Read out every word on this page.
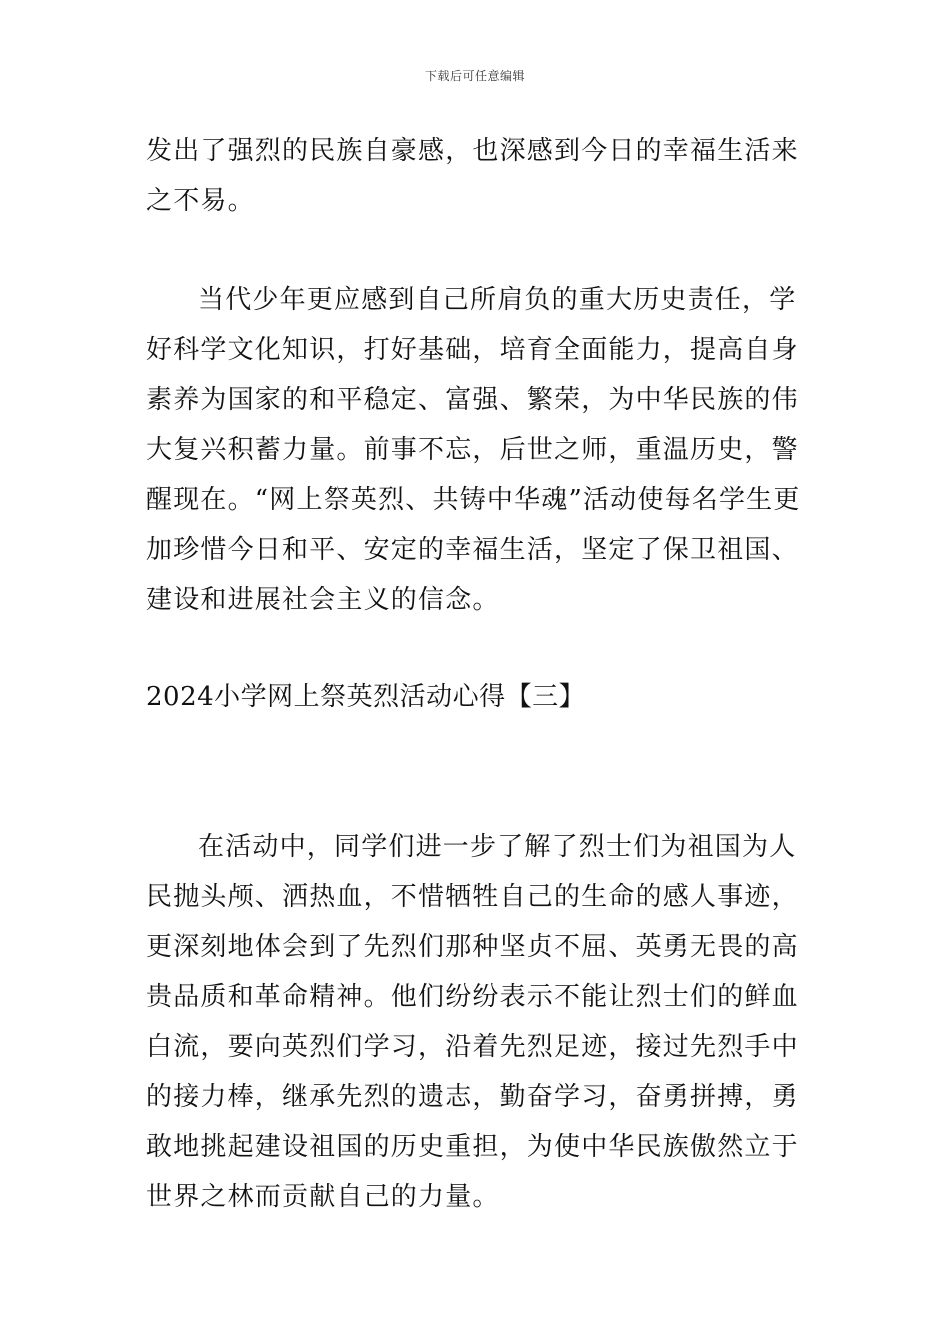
下载后可任意编辑

发出了强烈的民族自豪感，也深感到今日的幸福生活来之不易。

当代少年更应感到自己所肩负的重大历史责任，学好科学文化知识，打好基础，培育全面能力，提高自身素养为国家的和平稳定、富强、繁荣，为中华民族的伟大复兴积蓄力量。前事不忘，后世之师，重温历史，警醒现在。“网上祭英烈、共铸中华魂”活动使每名学生更加珍惜今日和平、安定的幸福生活，坚定了保卫祖国、建设和进展社会主义的信念。

2024小学网上祭英烈活动心得【三】

在活动中，同学们进一步了解了烈士们为祖国为人民抛头颅、洒热血，不惜牺牲自己的生命的感人事迹，更深刻地体会到了先烈们那种坚贞不屈、英勇无畏的高贵品质和革命精神。他们纷纷表示不能让烈士们的鲜血白流，要向英烈们学习，沿着先烈足迹，接过先烈手中的接力棒，继承先烈的遗志，勤奋学习，奋勇拼搏，勇敢地挑起建设祖国的历史重担，为使中华民族傲然立于世界之林而贡献自己的力量。
